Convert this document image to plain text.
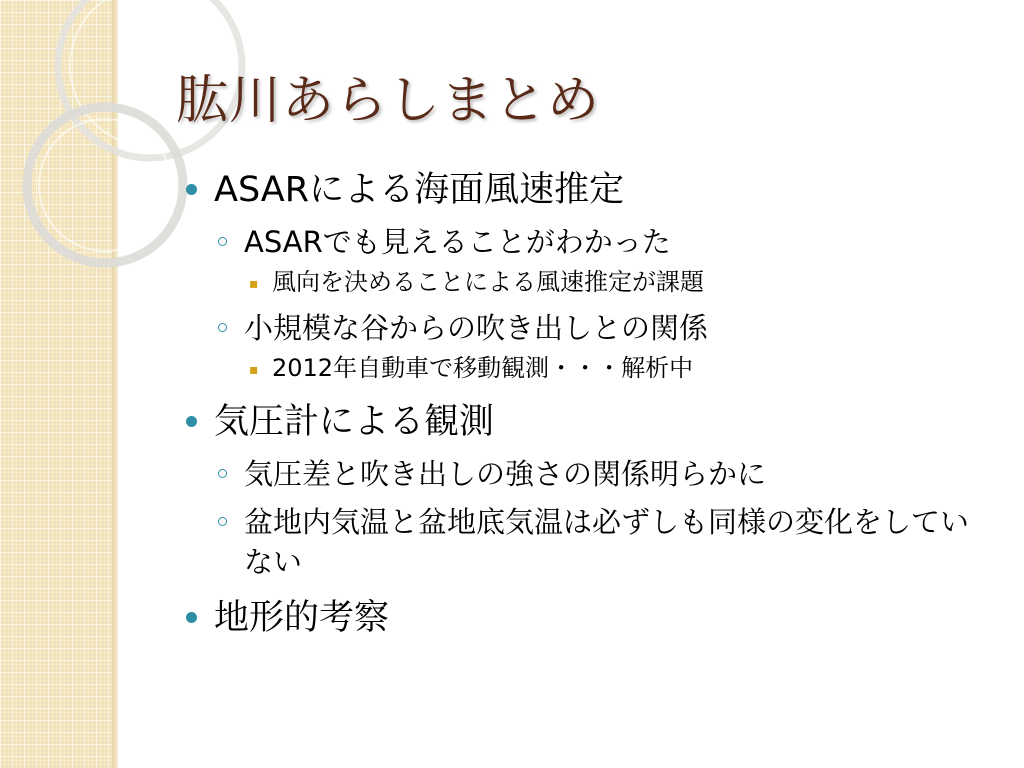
肱川あらしまとめ
ASARによる海面風速推定
ASARでも見えることがわかった
▪ 風向を決めることによる風速推定が課題
小規模な谷からの吹き出しとの関係
▪ 2012年自動車で移動観測・・・解析中
気圧計による観測
気圧差と吹き出しの強さの関係明らかに
盆地内気温と盆地底気温は必ずしも同様の変化をしていない
地形的考察
